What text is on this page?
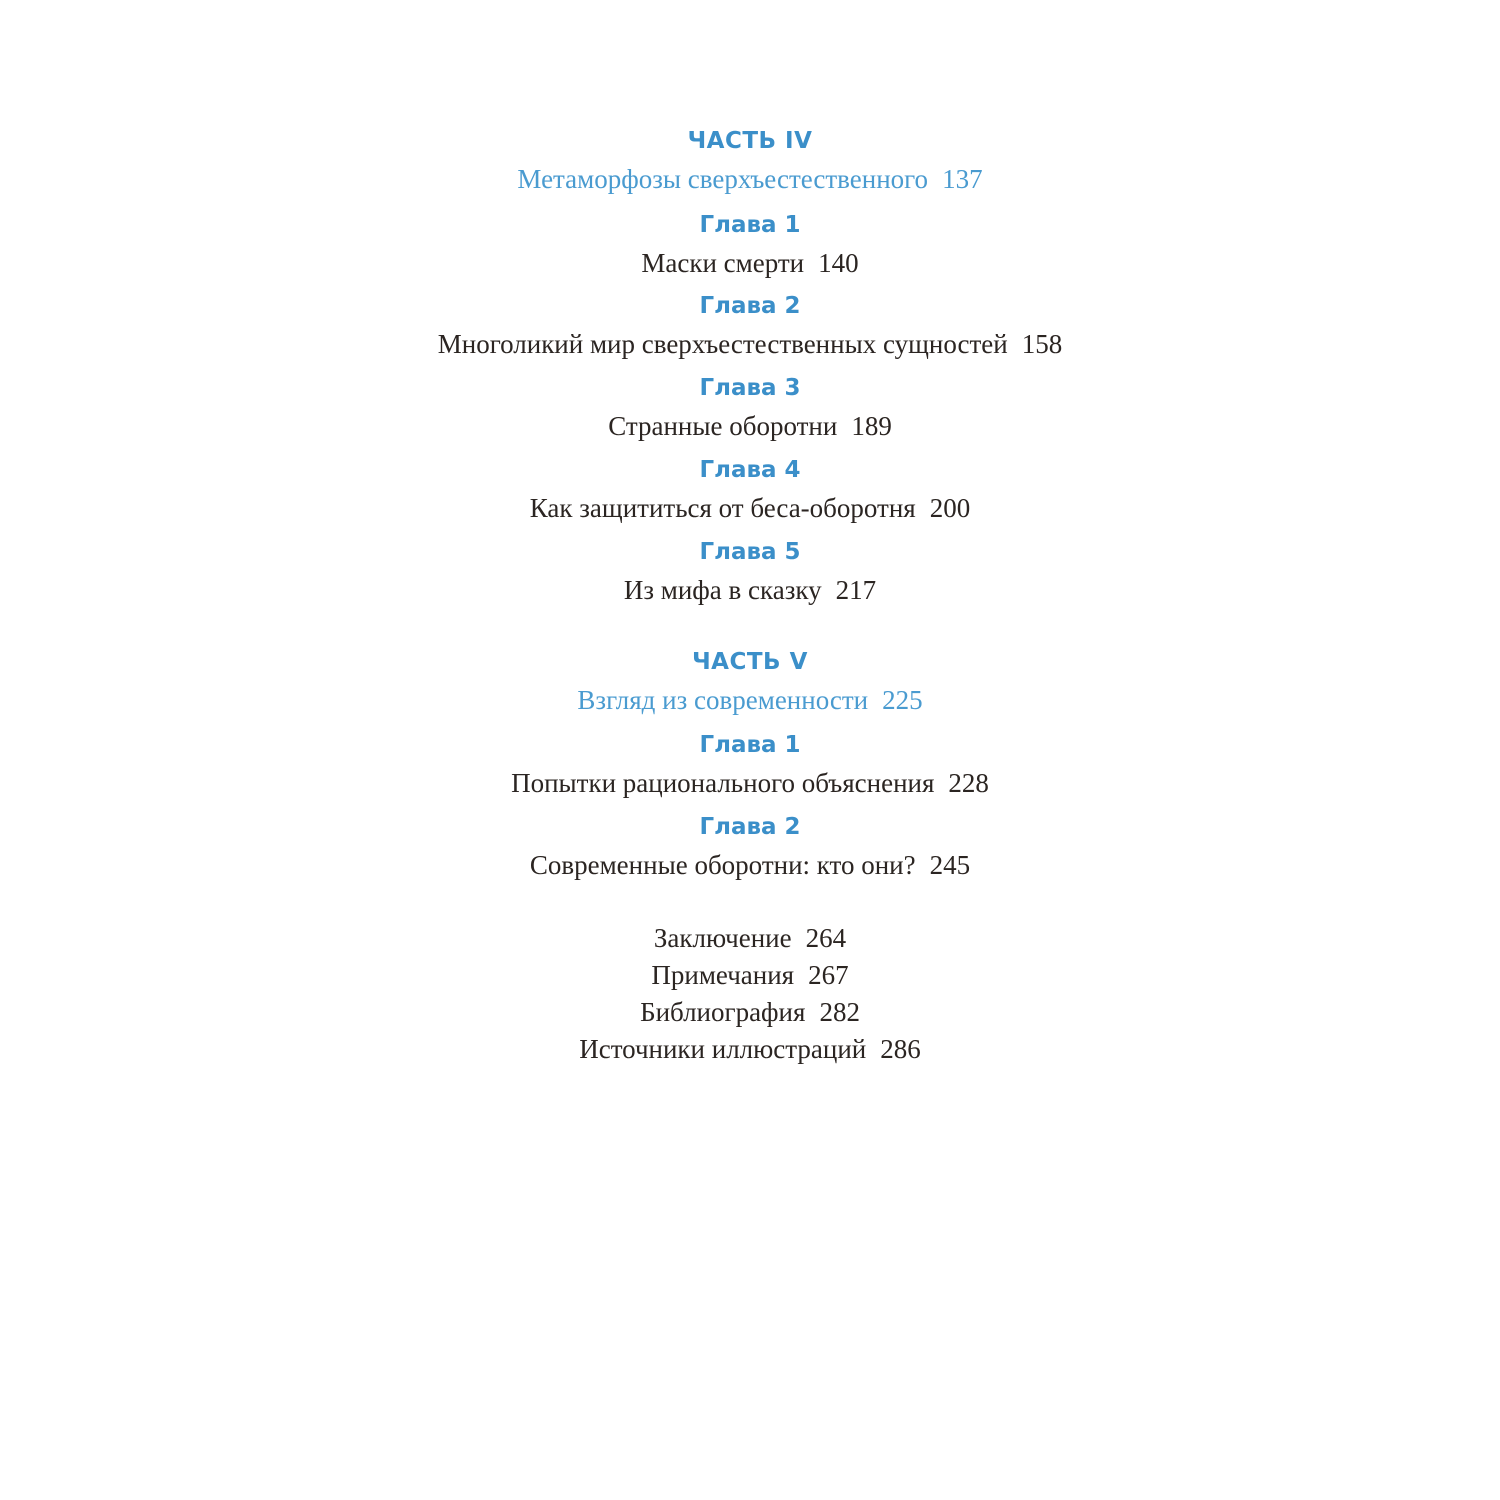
ЧАСТЬ IV
Метаморфозы сверхъестественного 137
Глава 1
Маски смерти 140
Глава 2
Многоликий мир сверхъестественных сущностей 158
Глава 3
Странные оборотни 189
Глава 4
Как защититься от беса-оборотня 200
Глава 5
Из мифа в сказку 217
ЧАСТЬ V
Взгляд из современности 225
Глава 1
Попытки рационального объяснения 228
Глава 2
Современные оборотни: кто они? 245
Заключение 264
Примечания 267
Библиография 282
Источники иллюстраций 286
